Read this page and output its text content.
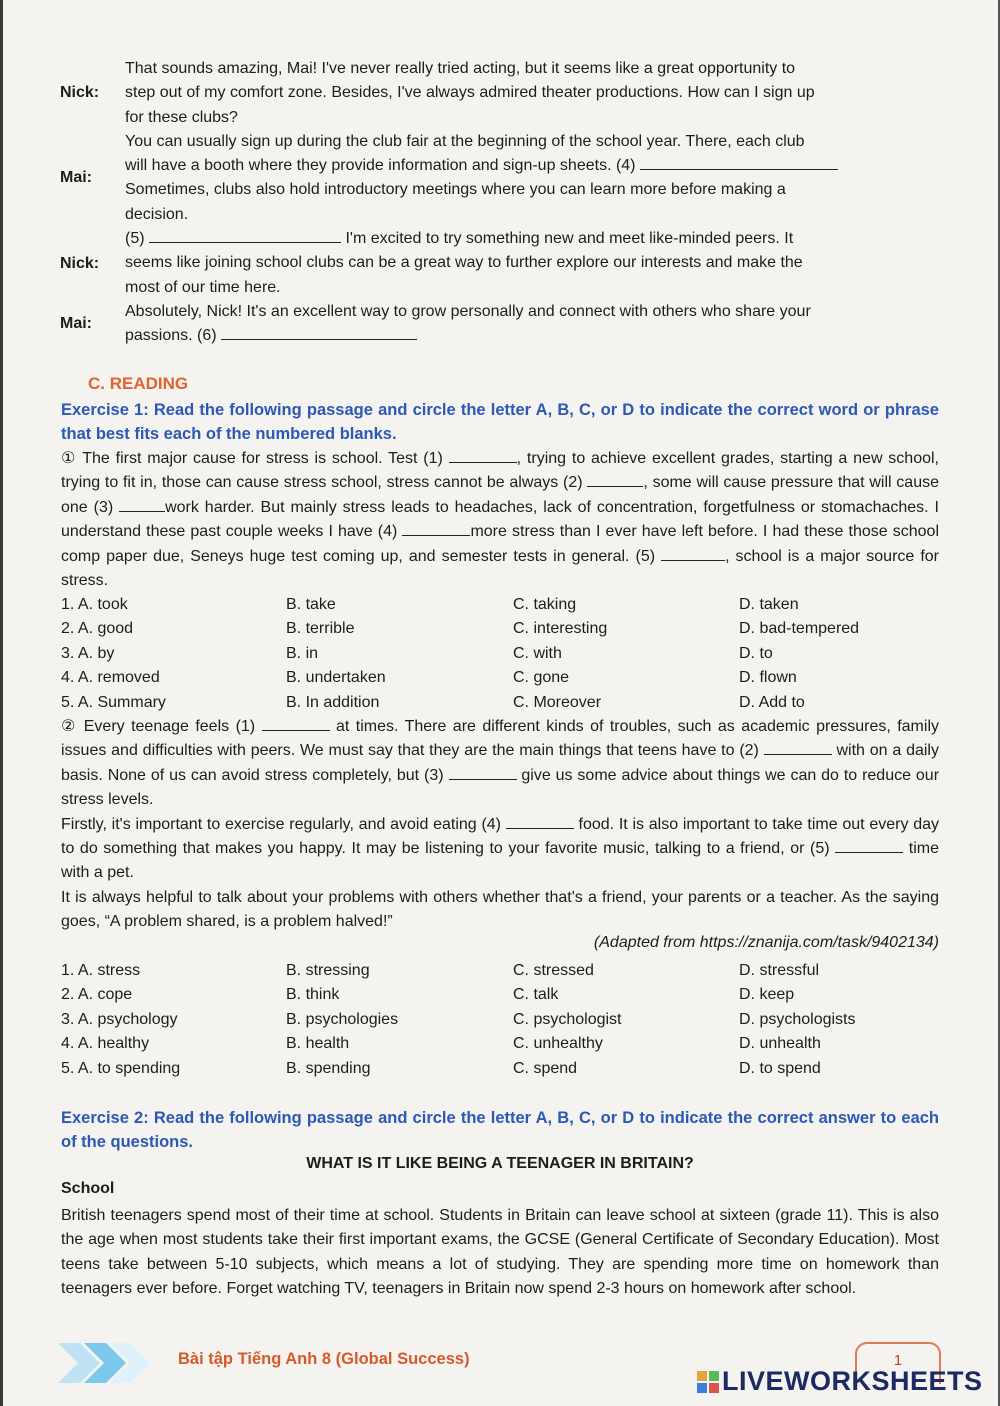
Nick:
That sounds amazing, Mai! I've never really tried acting, but it seems like a great opportunity to
step out of my comfort zone. Besides, I've always admired theater productions. How can I sign up
for these clubs?
Mai:
You can usually sign up during the club fair at the beginning of the school year. There, each club
will have a booth where they provide information and sign-up sheets. (4)
Sometimes, clubs also hold introductory meetings where you can learn more before making a
decision.
Nick:
(5)	I'm excited to try something new and meet like-minded peers. It
seems like joining school clubs can be a great way to further explore our interests and make the
most of our time here.
Mai:
Absolutely, Nick! It's an excellent way to grow personally and connect with others who share your
passions. (6)
C. READING
Exercise 1: Read the following passage and circle the letter A, B, C, or D to indicate the correct word or phrase that best fits each of the numbered blanks.

① The first major cause for stress is school. Test (1)	, trying to achieve excellent grades, starting a new school, trying to fit in, those can cause stress school, stress cannot be always (2)	, some will cause pressure that will cause one (3)	work harder. But mainly stress leads to headaches, lack of concentration, forgetfulness or stomachaches. I understand these past couple weeks I have (4)	more stress than I ever have left before. I had these those school comp paper due, Seneys huge test coming up, and semester tests in general. (5)	, school is a major source for stress.

1. A. took	B. take	C. taking	D. taken
2. A. good	B. terrible	C. interesting	D. bad-tempered
3. A. by	B. in	C. with	D. to
4. A. removed	B. undertaken	C. gone	D. flown
5. A. Summary	B. In addition	C. Moreover	D. Add to

② Every teenage feels (1)	at times. There are different kinds of troubles, such as academic pressures, family issues and difficulties with peers. We must say that they are the main things that teens have to (2)	with on a daily basis. None of us can avoid stress completely, but (3)	give us some advice about things we can do to reduce our stress levels.

Firstly, it's important to exercise regularly, and avoid eating (4)	food. It is also important to take time out every day to do something that makes you happy. It may be listening to your favorite music, talking to a friend, or (5)	time with a pet.

It is always helpful to talk about your problems with others whether that's a friend, your parents or a teacher. As the saying goes, “A problem shared, is a problem halved!”

(Adapted from https://znanija.com/task/9402134)
1. A. stress	B. stressing	C. stressed	D. stressful
2. A. cope	B. think	C. talk	D. keep
3. A. psychology	B. psychologies	C. psychologist	D. psychologists
4. A. healthy	B. health	C. unhealthy	D. unhealth
5. A. to spending	B. spending	C. spend	D. to spend
Exercise 2: Read the following passage and circle the letter A, B, C, or D to indicate the correct answer to each of the questions.
WHAT IS IT LIKE BEING A TEENAGER IN BRITAIN?
School
British teenagers spend most of their time at school. Students in Britain can leave school at sixteen (grade 11). This is also the age when most students take their first important exams, the GCSE (General Certificate of Secondary Education). Most teens take between 5-10 subjects, which means a lot of studying. They are spending more time on homework than teenagers ever before. Forget watching TV, teenagers in Britain now spend 2-3 hours on homework after school.
Bài tập Tiếng Anh 8 (Global Success)	1
LIVEWORKSHEETS
